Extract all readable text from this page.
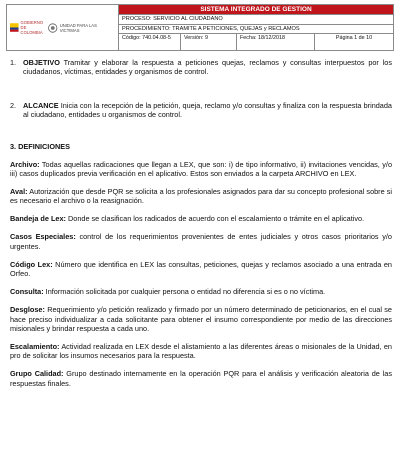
GOBIERNO
DE COLOMBIA
UNIDAD PARA LAS VICTIMAS
SISTEMA INTEGRADO DE GESTION
PROCESO: SERVICIO AL CIUDADANO
PROCEDIMIENTO: TRAMITE A PETICIONES, QUEJAS y RECLAMOS
Código: 740.04.08-5	Versión: 9	Fecha: 18/12/2018	Página 1 de 10
1. OBJETIVO Tramitar y elaborar la respuesta a peticiones quejas, reclamos y consultas interpuestos por los ciudadanos, víctimas, entidades y organismos de control.
2. ALCANCE Inicia con la recepción de la petición, queja, reclamo y/o consultas y finaliza con la respuesta brindada al ciudadano, entidades u organismos de control.
3. DEFINICIONES
Archivo: Todas aquellas radicaciones que llegan a LEX, que son: i) de tipo informativo, ii) invitaciones vencidas, y/o iii) casos duplicados previa verificación en el aplicativo. Estos son enviados a la carpeta ARCHIVO en LEX.
Aval: Autorización que desde PQR se solicita a los profesionales asignados para dar su concepto profesional sobre si es necesario el archivo o la reasignación.
Bandeja de Lex: Donde se clasifican los radicados de acuerdo con el escalamiento o trámite en el aplicativo.
Casos Especiales: control de los requerimientos provenientes de entes judiciales y otros casos prioritarios y/o urgentes.
Código Lex: Número que identifica en LEX las consultas, peticiones, quejas y reclamos asociado a una entrada en Orfeo.
Consulta: Información solicitada por cualquier persona o entidad no diferencia si es o no víctima.
Desglose: Requerimiento y/o petición realizado y firmado por un número determinado de peticionarios, en el cual se hace preciso individualizar a cada solicitante para obtener el insumo correspondiente por medio de las direcciones misionales y brindar respuesta a cada uno.
Escalamiento: Actividad realizada en LEX desde el alistamiento a las diferentes áreas o misionales de la Unidad, en pro de solicitar los insumos necesarios para la respuesta.
Grupo Calidad: Grupo destinado internamente en la operación PQR para el análisis y verificación aleatoria de las respuestas finales.
